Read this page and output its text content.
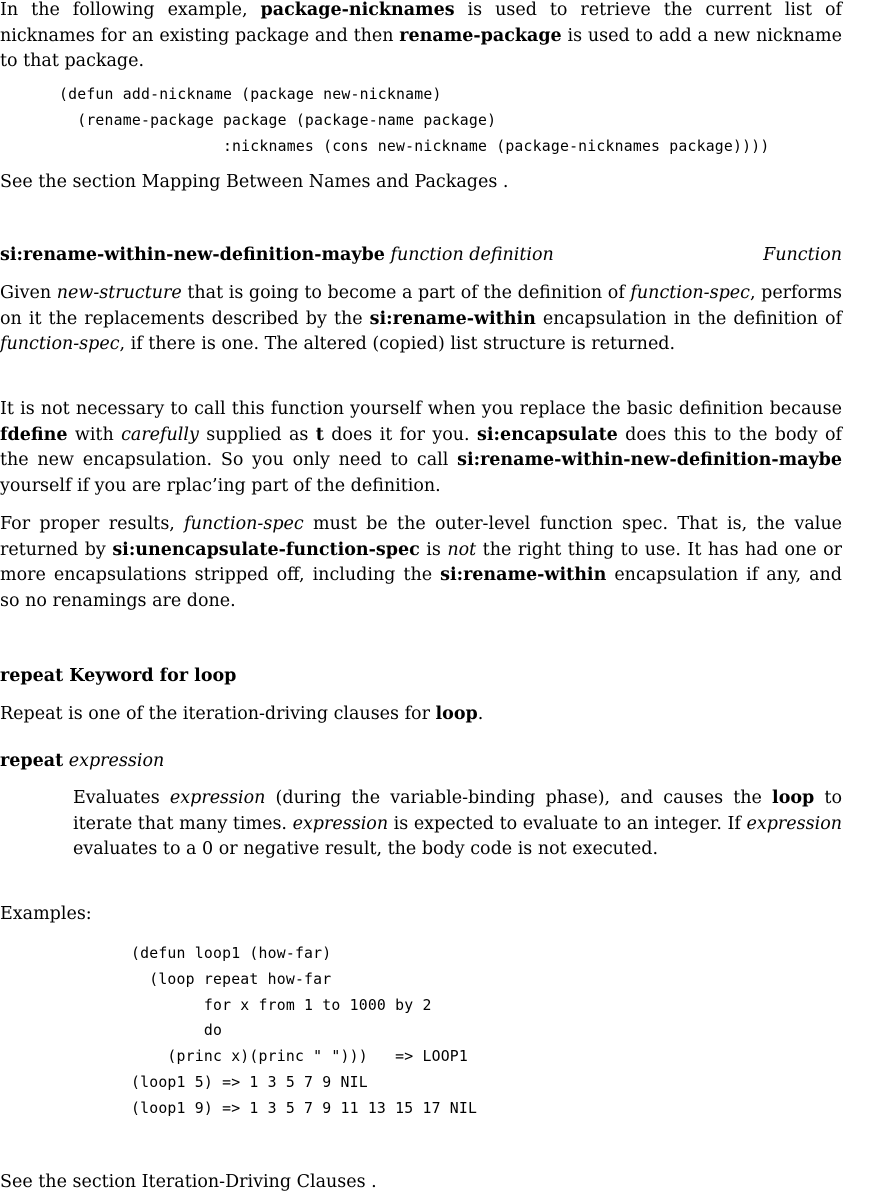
In the following example, package-nicknames is used to retrieve the current list of nicknames for an existing package and then rename-package is used to add a new nickname to that package.

(defun add-nickname (package new-nickname)
(rename-package package (package-name package)
:nicknames (cons new-nickname (package-nicknames package))))

See the section Mapping Between Names and Packages .

si:rename-within-new-definition-maybe function definition	Function

Given new-structure that is going to become a part of the definition of function-spec, performs on it the replacements described by the si:rename-within encapsulation in the definition of function-spec, if there is one. The altered (copied) list structure is returned.

It is not necessary to call this function yourself when you replace the basic definition because fdefine with carefully supplied as t does it for you. si:encapsulate does this to the body of the new encapsulation. So you only need to call si:rename-within-new-definition-maybe yourself if you are rplac’ing part of the definition.

For proper results, function-spec must be the outer-level function spec. That is, the value returned by si:unencapsulate-function-spec is not the right thing to use. It has had one or more encapsulations stripped off, including the si:rename-within encapsulation if any, and so no renamings are done.

repeat Keyword for loop

Repeat is one of the iteration-driving clauses for loop.

repeat expression

Evaluates expression (during the variable-binding phase), and causes the loop to iterate that many times. expression is expected to evaluate to an integer. If expression evaluates to a 0 or negative result, the body code is not executed.

Examples:

(defun loop1 (how-far)
(loop repeat how-far
for x from 1 to 1000 by 2
do
(princ x)(princ " ")))   => LOOP1
(loop1 5) => 1 3 5 7 9 NIL
(loop1 9) => 1 3 5 7 9 11 13 15 17 NIL

See the section Iteration-Driving Clauses .
